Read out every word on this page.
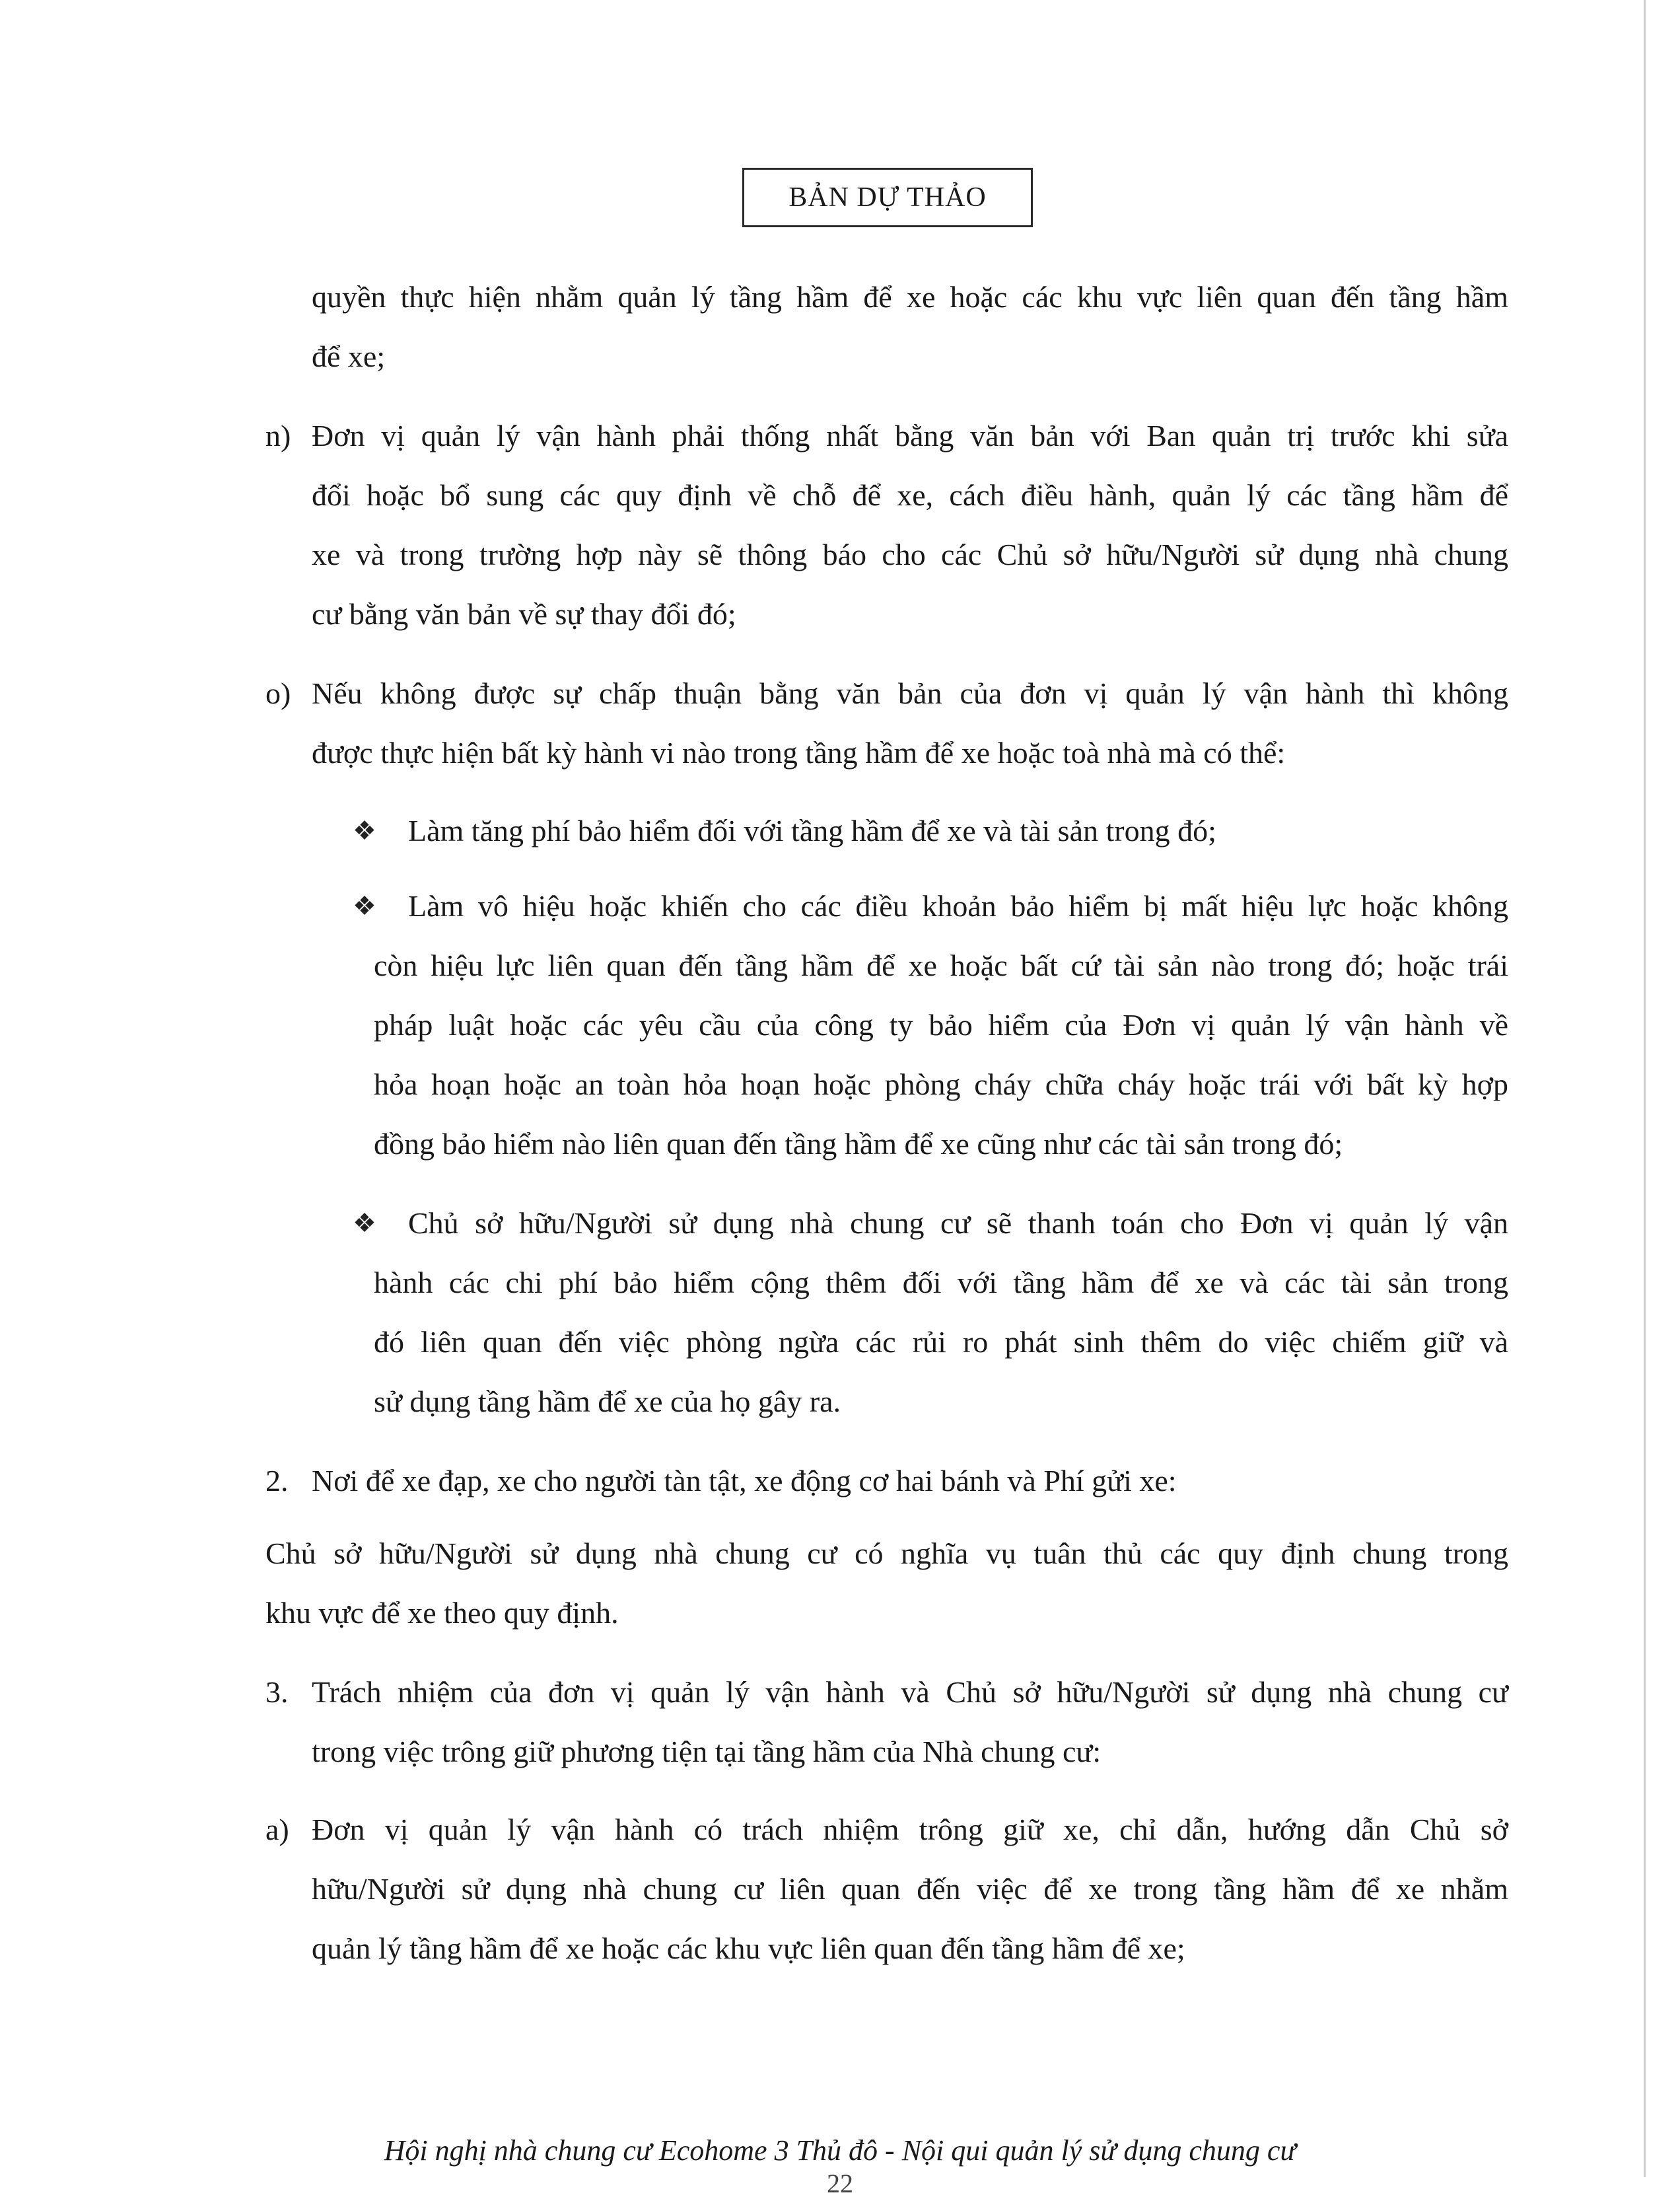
BẢN DỰ THẢO
quyền thực hiện nhằm quản lý tầng hầm để xe hoặc các khu vực liên quan đến tầng hầm
để xe;
n) Đơn vị quản lý vận hành phải thống nhất bằng văn bản với Ban quản trị trước khi sửa
đổi hoặc bổ sung các quy định về chỗ để xe, cách điều hành, quản lý các tầng hầm để
xe và trong trường hợp này sẽ thông báo cho các Chủ sở hữu/Người sử dụng nhà chung
cư bằng văn bản về sự thay đổi đó;
o) Nếu không được sự chấp thuận bằng văn bản của đơn vị quản lý vận hành thì không
được thực hiện bất kỳ hành vi nào trong tầng hầm để xe hoặc toà nhà mà có thể:
❖ Làm tăng phí bảo hiểm đối với tầng hầm để xe và tài sản trong đó;
❖ Làm vô hiệu hoặc khiến cho các điều khoản bảo hiểm bị mất hiệu lực hoặc không
còn hiệu lực liên quan đến tầng hầm để xe hoặc bất cứ tài sản nào trong đó; hoặc trái
pháp luật hoặc các yêu cầu của công ty bảo hiểm của Đơn vị quản lý vận hành về
hỏa hoạn hoặc an toàn hỏa hoạn hoặc phòng cháy chữa cháy hoặc trái với bất kỳ hợp
đồng bảo hiểm nào liên quan đến tầng hầm để xe cũng như các tài sản trong đó;
❖ Chủ sở hữu/Người sử dụng nhà chung cư sẽ thanh toán cho Đơn vị quản lý vận
hành các chi phí bảo hiểm cộng thêm đối với tầng hầm để xe và các tài sản trong
đó liên quan đến việc phòng ngừa các rủi ro phát sinh thêm do việc chiếm giữ và
sử dụng tầng hầm để xe của họ gây ra.
2. Nơi để xe đạp, xe cho người tàn tật, xe động cơ hai bánh và Phí gửi xe:
Chủ sở hữu/Người sử dụng nhà chung cư có nghĩa vụ tuân thủ các quy định chung trong
khu vực để xe theo quy định.
3. Trách nhiệm của đơn vị quản lý vận hành và Chủ sở hữu/Người sử dụng nhà chung cư
trong việc trông giữ phương tiện tại tầng hầm của Nhà chung cư:
a) Đơn vị quản lý vận hành có trách nhiệm trông giữ xe, chỉ dẫn, hướng dẫn Chủ sở
hữu/Người sử dụng nhà chung cư liên quan đến việc để xe trong tầng hầm để xe nhằm
quản lý tầng hầm để xe hoặc các khu vực liên quan đến tầng hầm để xe;
Hội nghị nhà chung cư Ecohome 3 Thủ đô - Nội qui quản lý sử dụng chung cư
22
